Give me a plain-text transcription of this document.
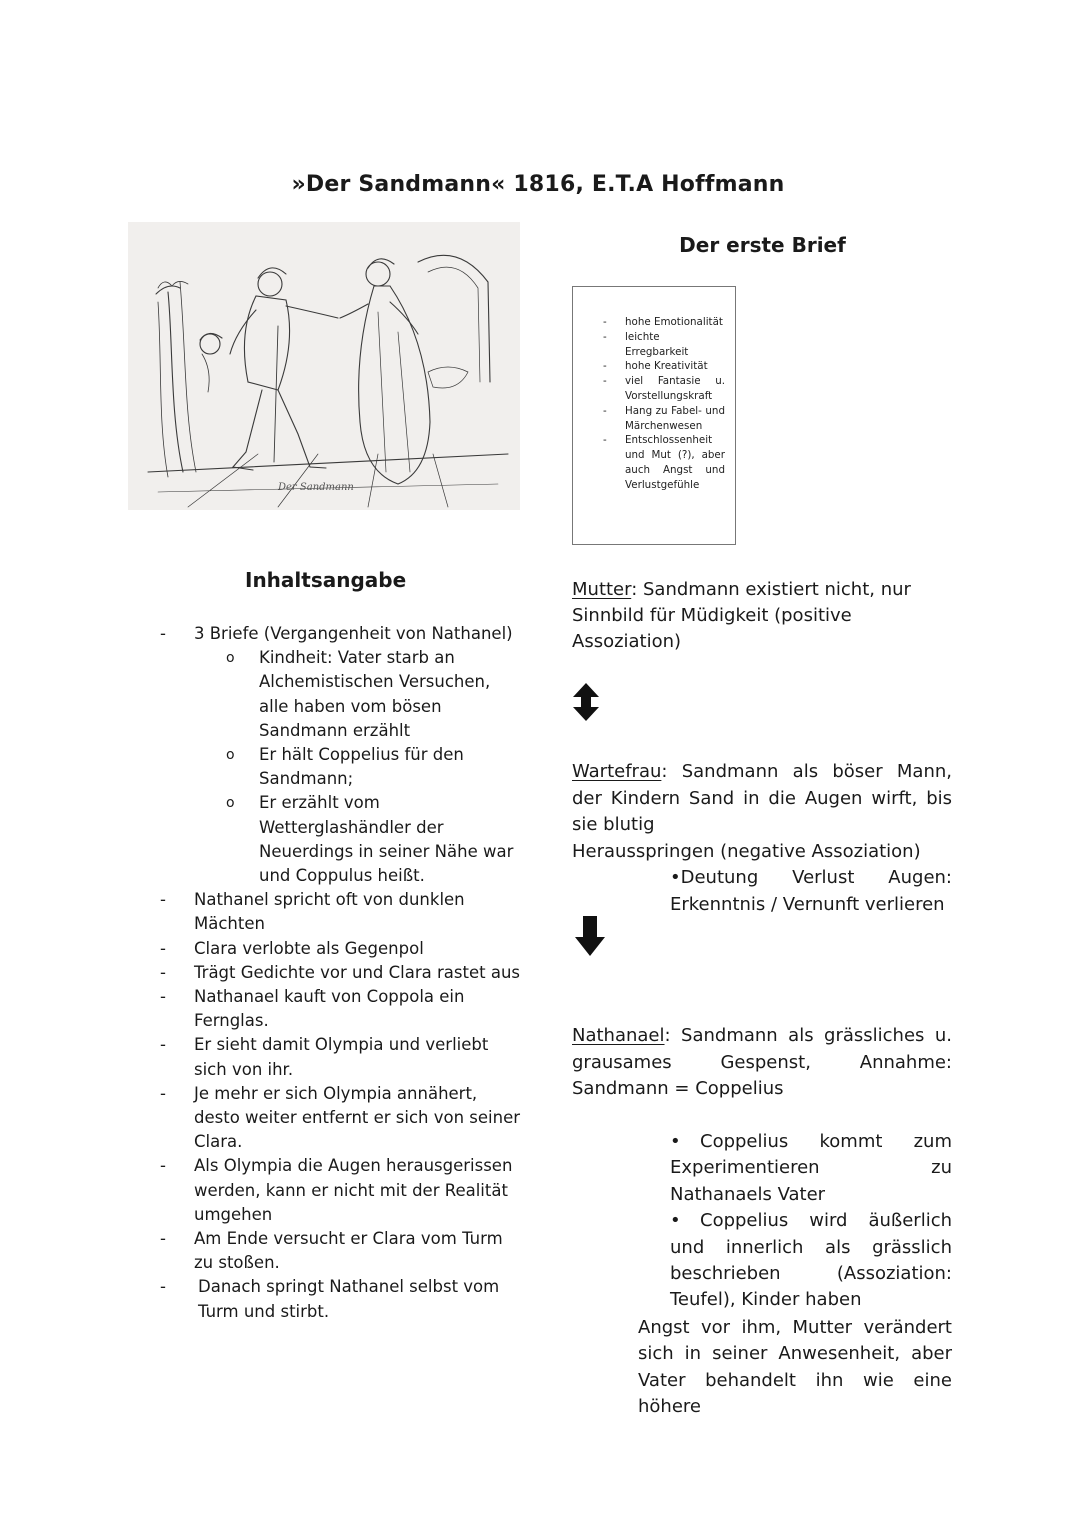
»Der Sandmann« 1816, E.T.A Hoffmann
Der Sandmann
Der erste Brief
- hohe Emotionalität
- leichte Erregbarkeit
- hohe Kreativität
- viel Fantasie u. Vorstellungskraft
- Hang zu Fabel- und Märchenwesen
- Entschlossenheit und Mut (?), aber auch Angst und Verlustgefühle
Inhaltsangabe
- 3 Briefe (Vergangenheit von Nathanel)
o Kindheit: Vater starb an Alchemistischen Versuchen, alle haben vom bösen Sandmann erzählt
o Er hält Coppelius für den Sandmann;
o Er erzählt vom Wetterglashändler der Neuerdings in seiner Nähe war und Coppulus heißt.
- Nathanel spricht oft von dunklen Mächten
- Clara verlobte als Gegenpol
- Trägt Gedichte vor und Clara rastet aus
- Nathanael kauft von Coppola ein Fernglas.
- Er sieht damit Olympia und verliebt sich von ihr.
- Je mehr er sich Olympia annähert, desto weiter entfernt er sich von seiner Clara.
- Als Olympia die Augen herausgerissen werden, kann er nicht mit der Realität umgehen
- Am Ende versucht er Clara vom Turm zu stoßen.
- Danach springt Nathanel selbst vom Turm und stirbt.
Mutter: Sandmann existiert nicht, nur Sinnbild für Müdigkeit (positive Assoziation)
Wartefrau: Sandmann als böser Mann, der Kindern Sand in die Augen wirft, bis sie blutig
Herausspringen (negative Assoziation)
•Deutung Verlust Augen: Erkenntnis / Vernunft verlieren
Nathanael: Sandmann als grässliches u. grausames Gespenst, Annahme: Sandmann = Coppelius

• Coppelius kommt zum Experimentieren zu Nathanaels Vater

• Coppelius wird äußerlich und innerlich als grässlich beschrieben (Assoziation: Teufel), Kinder haben

Angst vor ihm, Mutter verändert sich in seiner Anwesenheit, aber Vater behandelt ihn wie eine höhere
